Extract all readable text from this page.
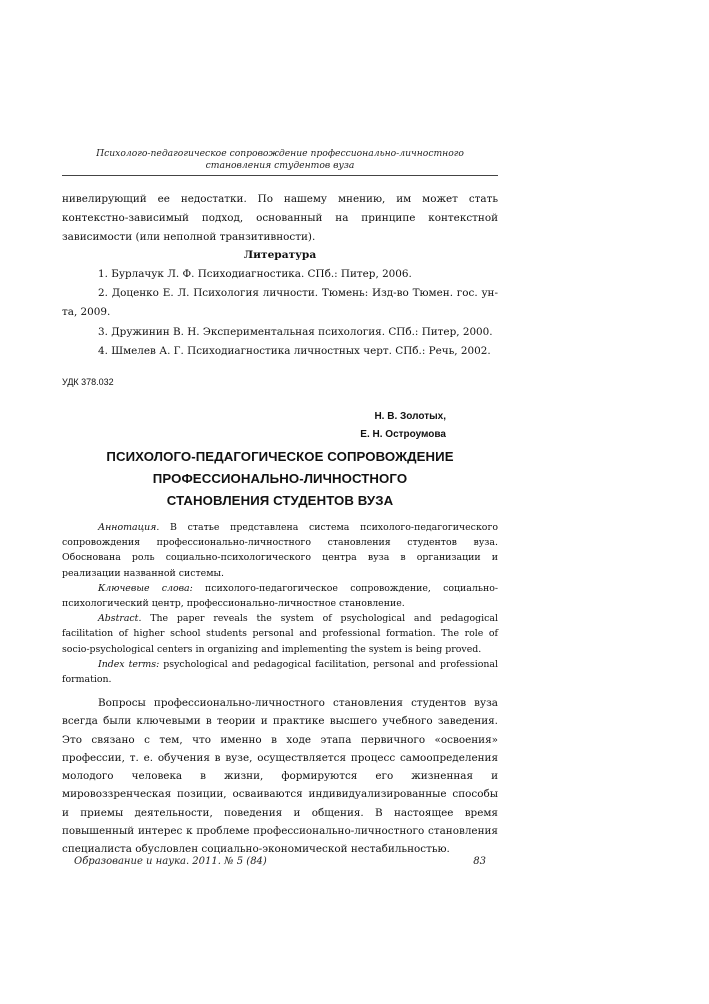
Психолого-педагогическое сопровождение профессионально-личностного
становления студентов вуза
нивелирующий ее недостатки. По нашему мнению, им может стать контекстно-зависимый подход, основанный на принципе контекстной зависимости (или неполной транзитивности).
Литература

1. Бурлачук Л. Ф. Психодиагностика. СПб.: Питер, 2006.

2. Доценко Е. Л. Психология личности. Тюмень: Изд-во Тюмен. гос. ун-та, 2009.

3. Дружинин В. Н. Экспериментальная психология. СПб.: Питер, 2000.

4. Шмелев А. Г. Психодиагностика личностных черт. СПб.: Речь, 2002.

УДК 378.032
Н. В. Золотых,
Е. Н. Остроумова
ПСИХОЛОГО-ПЕДАГОГИЧЕСКОЕ СОПРОВОЖДЕНИЕ
ПРОФЕССИОНАЛЬНО-ЛИЧНОСТНОГО
СТАНОВЛЕНИЯ СТУДЕНТОВ ВУЗА

Аннотация. В статье представлена система психолого-педагогического сопровождения профессионально-личностного становления студентов вуза. Обоснована роль социально-психологического центра вуза в организации и реализации названной системы.

Ключевые слова: психолого-педагогическое сопровождение, социально-психологический центр, профессионально-личностное становление.

Abstract. The paper reveals the system of psychological and pedagogical facilitation of higher school students personal and professional formation. The role of socio-psychological centers in organizing and implementing the system is being proved.

Index terms: psychological and pedagogical facilitation, personal and professional formation.

Вопросы профессионально-личностного становления студентов вуза всегда были ключевыми в теории и практике высшего учебного заведения. Это связано с тем, что именно в ходе этапа первичного «освоения» профессии, т. е. обучения в вузе, осуществляется процесс самоопределения молодого человека в жизни, формируются его жизненная и мировоззренческая позиции, осваиваются индивидуализированные способы и приемы деятельности, поведения и общения. В настоящее время повышенный интерес к проблеме профессионально-личностного становления специалиста обусловлен социально-экономической нестабильностью.

Образование и наука. 2011. № 5 (84)	83
